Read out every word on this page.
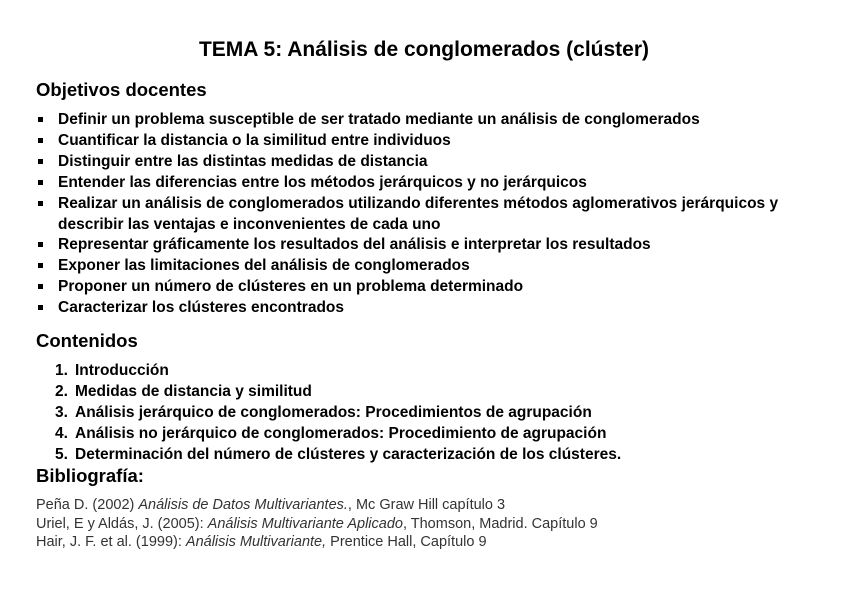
TEMA 5: Análisis de conglomerados (clúster)
Objetivos docentes
Definir un problema susceptible de ser tratado mediante un análisis de conglomerados
Cuantificar la distancia o la similitud entre individuos
Distinguir entre las distintas medidas de distancia
Entender las diferencias entre los métodos jerárquicos y no jerárquicos
Realizar un análisis de conglomerados utilizando diferentes métodos aglomerativos jerárquicos y describir las ventajas e inconvenientes de cada uno
Representar gráficamente los resultados del análisis e interpretar los resultados
Exponer las limitaciones del análisis de conglomerados
Proponer un número de clústeres en un problema determinado
Caracterizar los clústeres encontrados
Contenidos
1. Introducción
2. Medidas de distancia y similitud
3. Análisis jerárquico de conglomerados: Procedimientos de agrupación
4. Análisis no jerárquico de conglomerados: Procedimiento de agrupación
5. Determinación del número de clústeres y caracterización de los clústeres.
Bibliografía:
Peña D. (2002) Análisis de Datos Multivariantes., Mc Graw Hill capítulo 3
Uriel, E y Aldás, J. (2005): Análisis Multivariante Aplicado, Thomson, Madrid. Capítulo 9
Hair, J. F. et al. (1999): Análisis Multivariante, Prentice Hall, Capítulo 9
